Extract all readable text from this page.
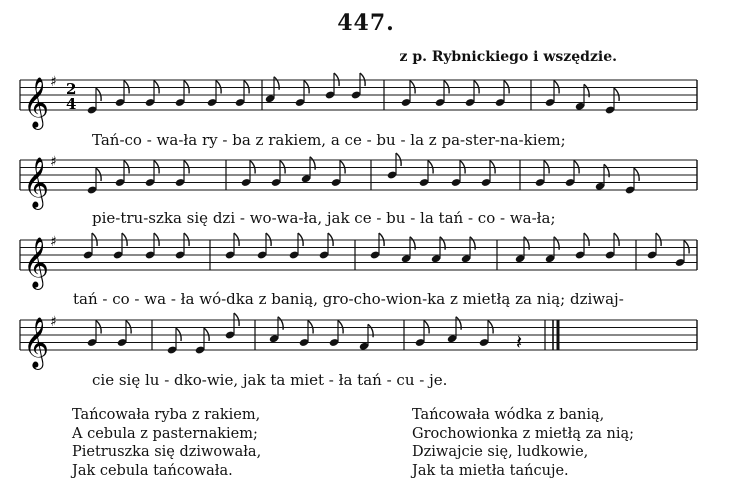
447.
z p. Rybnickiego i wszędzie.
𝄞 ♯ 2
4
𝄞 ♯
𝄞 ♯
𝄞 ♯
𝄽
Tań-co - wa-ła ry - ba z rakiem, a ce - bu - la z pa-ster-na-kiem;
pie-tru-szka się dzi - wo-wa-ła, jak ce - bu - la tań - co - wa-ła;
tań - co - wa - ła wó-dka z banią, gro-cho-wion-ka z mietłą za nią; dziwaj-
cie się lu - dko-wie, jak ta miet - ła tań - cu - je.
Tańcowała ryba z rakiem,
A cebula z pasternakiem;
Pietruszka się dziwowała,
Jak cebula tańcowała.
Tańcowała wódka z banią,
Grochowionka z mietłą za nią;
Dziwajcie się, ludkowie,
Jak ta mietła tańcuje.
